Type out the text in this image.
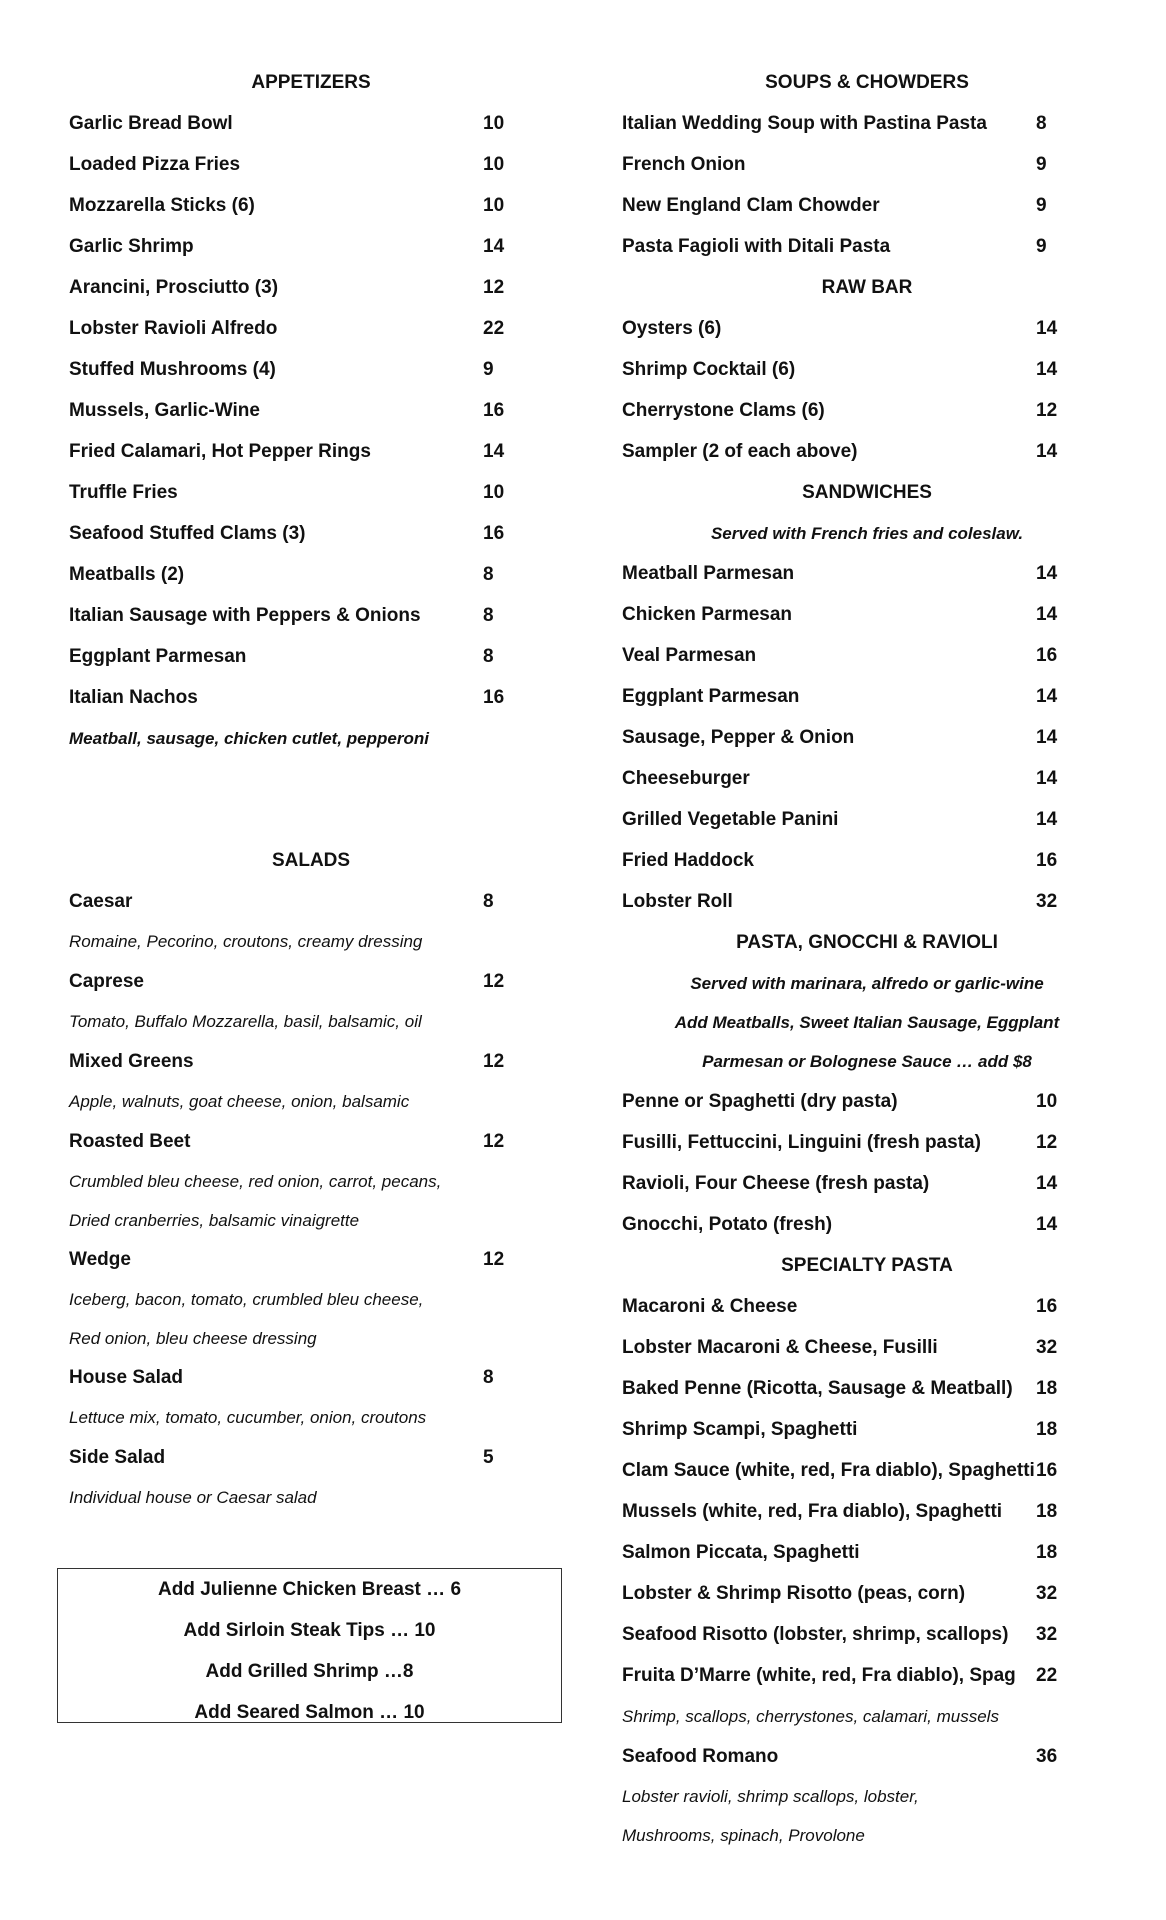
APPETIZERS
Garlic Bread Bowl	10
Loaded Pizza Fries	10
Mozzarella Sticks (6)	10
Garlic Shrimp	14
Arancini, Prosciutto (3)	12
Lobster Ravioli Alfredo	22
Stuffed Mushrooms (4)	9
Mussels, Garlic-Wine	16
Fried Calamari, Hot Pepper Rings	14
Truffle Fries	10
Seafood Stuffed Clams (3)	16
Meatballs (2)	8
Italian Sausage with Peppers & Onions	8
Eggplant Parmesan	8
Italian Nachos	16
Meatball, sausage, chicken cutlet, pepperoni
SALADS
Caesar	8
Romaine, Pecorino, croutons, creamy dressing
Caprese	12
Tomato, Buffalo Mozzarella, basil, balsamic, oil
Mixed Greens	12
Apple, walnuts, goat cheese, onion, balsamic
Roasted Beet	12
Crumbled bleu cheese, red onion, carrot, pecans,
Dried cranberries, balsamic vinaigrette
Wedge	12
Iceberg, bacon, tomato, crumbled bleu cheese,
Red onion, bleu cheese dressing
House Salad	8
Lettuce mix, tomato, cucumber, onion, croutons
Side Salad	5
Individual house or Caesar salad
Add Julienne Chicken Breast … 6
Add Sirloin Steak Tips … 10
Add Grilled Shrimp …8
Add Seared Salmon … 10
SOUPS & CHOWDERS
Italian Wedding Soup with Pastina Pasta	8
French Onion	9
New England Clam Chowder	9
Pasta Fagioli with Ditali Pasta	9
RAW BAR
Oysters (6)	14
Shrimp Cocktail (6)	14
Cherrystone Clams (6)	12
Sampler (2 of each above)	14
SANDWICHES
Served with French fries and coleslaw.
Meatball Parmesan	14
Chicken Parmesan	14
Veal Parmesan	16
Eggplant Parmesan	14
Sausage, Pepper & Onion	14
Cheeseburger	14
Grilled Vegetable Panini	14
Fried Haddock	16
Lobster Roll	32
PASTA, GNOCCHI & RAVIOLI
Served with marinara, alfredo or garlic-wine
Add Meatballs, Sweet Italian Sausage, Eggplant
Parmesan or Bolognese Sauce … add $8
Penne or Spaghetti (dry pasta)	10
Fusilli, Fettuccini, Linguini (fresh pasta)	12
Ravioli, Four Cheese (fresh pasta)	14
Gnocchi, Potato (fresh)	14
SPECIALTY PASTA
Macaroni & Cheese	16
Lobster Macaroni & Cheese, Fusilli	32
Baked Penne (Ricotta, Sausage & Meatball) 18
Shrimp Scampi, Spaghetti	18
Clam Sauce (white, red, Fra diablo), Spaghetti 16
Mussels (white, red, Fra diablo), Spaghetti 18
Salmon Piccata, Spaghetti	18
Lobster & Shrimp Risotto (peas, corn)	32
Seafood Risotto (lobster, shrimp, scallops) 32
Fruita D’Marre (white, red, Fra diablo), Spag 22
Shrimp, scallops, cherrystones, calamari, mussels
Seafood Romano	36
Lobster ravioli, shrimp scallops, lobster,
Mushrooms, spinach, Provolone
